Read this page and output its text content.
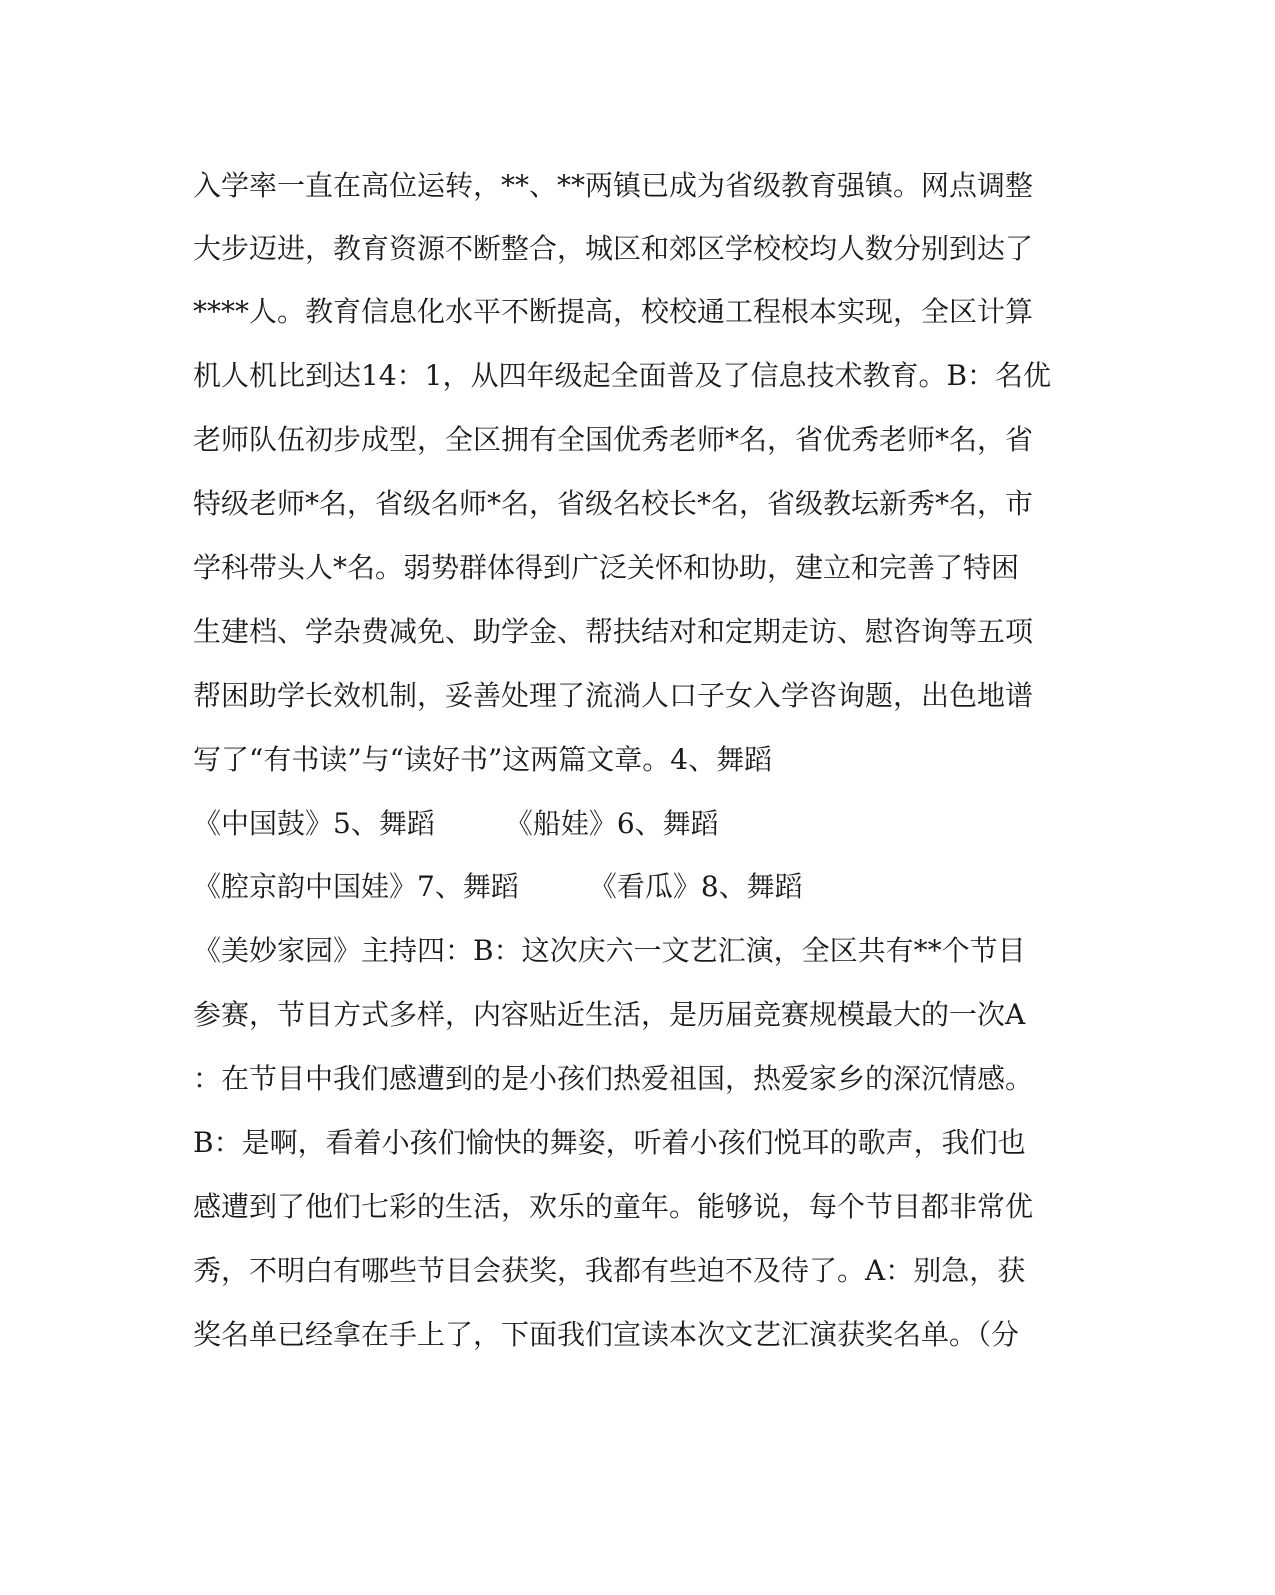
入学率一直在高位运转，**、**两镇已成为省级教育强镇。网点调整
大步迈进，教育资源不断整合，城区和郊区学校校均人数分别到达了
****人。教育信息化水平不断提高，校校通工程根本实现，全区计算
机人机比到达14：1，从四年级起全面普及了信息技术教育。B：名优
老师队伍初步成型，全区拥有全国优秀老师*名，省优秀老师*名，省
特级老师*名，省级名师*名，省级名校长*名，省级教坛新秀*名，市
学科带头人*名。弱势群体得到广泛关怀和协助，建立和完善了特困
生建档、学杂费减免、助学金、帮扶结对和定期走访、慰咨询等五项
帮困助学长效机制，妥善处理了流淌人口子女入学咨询题，出色地谱
写了“有书读”与“读好书”这两篇文章。4、舞蹈
《中国鼓》5、舞蹈　　　《船娃》6、舞蹈
《腔京韵中国娃》7、舞蹈　　　《看瓜》8、舞蹈
《美妙家园》主持四：B：这次庆六一文艺汇演，全区共有**个节目
参赛，节目方式多样，内容贴近生活，是历届竞赛规模最大的一次A
：在节目中我们感遭到的是小孩们热爱祖国，热爱家乡的深沉情感。
B：是啊，看着小孩们愉快的舞姿，听着小孩们悦耳的歌声，我们也
感遭到了他们七彩的生活，欢乐的童年。能够说，每个节目都非常优
秀，不明白有哪些节目会获奖，我都有些迫不及待了。A：别急，获
奖名单已经拿在手上了，下面我们宣读本次文艺汇演获奖名单。（分
